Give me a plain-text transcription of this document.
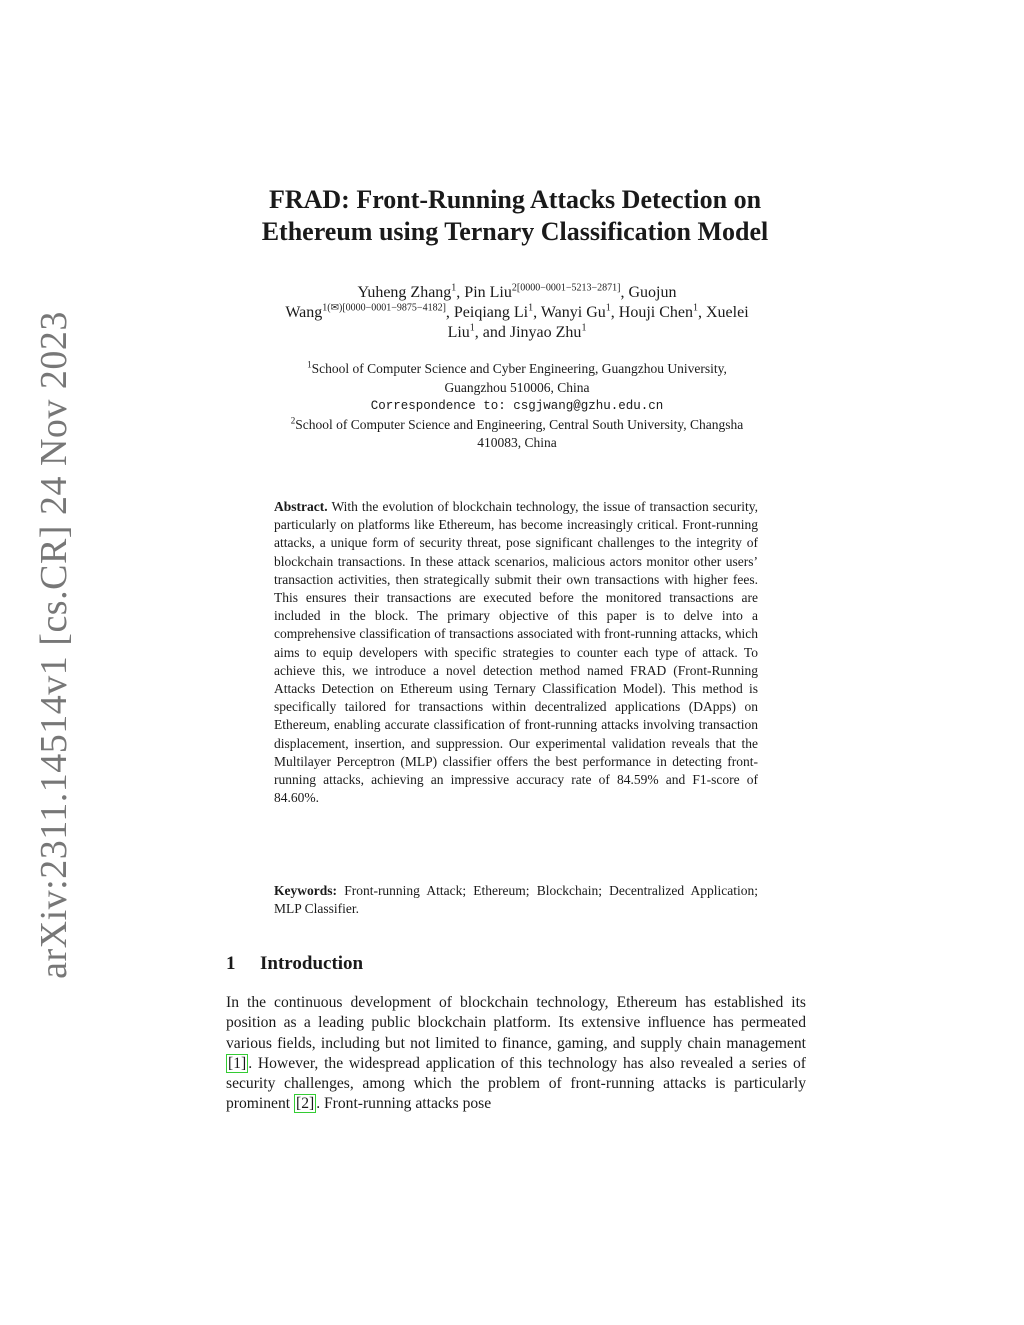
arXiv:2311.14514v1 [cs.CR] 24 Nov 2023
FRAD: Front-Running Attacks Detection on
Ethereum using Ternary Classification Model
Yuheng Zhang$^1$, Pin Liu$^{2[0000-0001-5213-2871]}$, Guojun
Wang$^{1(✉)[0000-0001-9875-4182]}$, Peiqiang Li$^1$, Wanyi Gu$^1$, Houji Chen$^1$, Xuelei
Liu$^1$, and Jinyao Zhu$^1$
$^1$School of Computer Science and Cyber Engineering, Guangzhou University,
Guangzhou 510006, China
Correspondence to: csgjwang@gzhu.edu.cn
$^2$School of Computer Science and Engineering, Central South University, Changsha
410083, China
Abstract. With the evolution of blockchain technology, the issue of transaction security, particularly on platforms like Ethereum, has become increasingly critical. Front-running attacks, a unique form of security threat, pose significant challenges to the integrity of blockchain transactions. In these attack scenarios, malicious actors monitor other users’ transaction activities, then strategically submit their own transactions with higher fees. This ensures their transactions are executed before the monitored transactions are included in the block. The primary objective of this paper is to delve into a comprehensive classification of transactions associated with front-running attacks, which aims to equip developers with specific strategies to counter each type of attack. To achieve this, we introduce a novel detection method named FRAD (Front-Running Attacks Detection on Ethereum using Ternary Classification Model). This method is specifically tailored for transactions within decentralized applications (DApps) on Ethereum, enabling accurate classification of front-running attacks involving transaction displacement, insertion, and suppression. Our experimental validation reveals that the Multilayer Perceptron (MLP) classifier offers the best performance in detecting front-running attacks, achieving an impressive accuracy rate of 84.59% and F1-score of 84.60%.
Keywords: Front-running Attack; Ethereum; Blockchain; Decentralized Application; MLP Classifier.
1 Introduction
In the continuous development of blockchain technology, Ethereum has established its position as a leading public blockchain platform. Its extensive influence has permeated various fields, including but not limited to finance, gaming, and supply chain management [1] . However, the widespread application of this technology has also revealed a series of security challenges, among which the problem of front-running attacks is particularly prominent [2] . Front-running attacks pose
